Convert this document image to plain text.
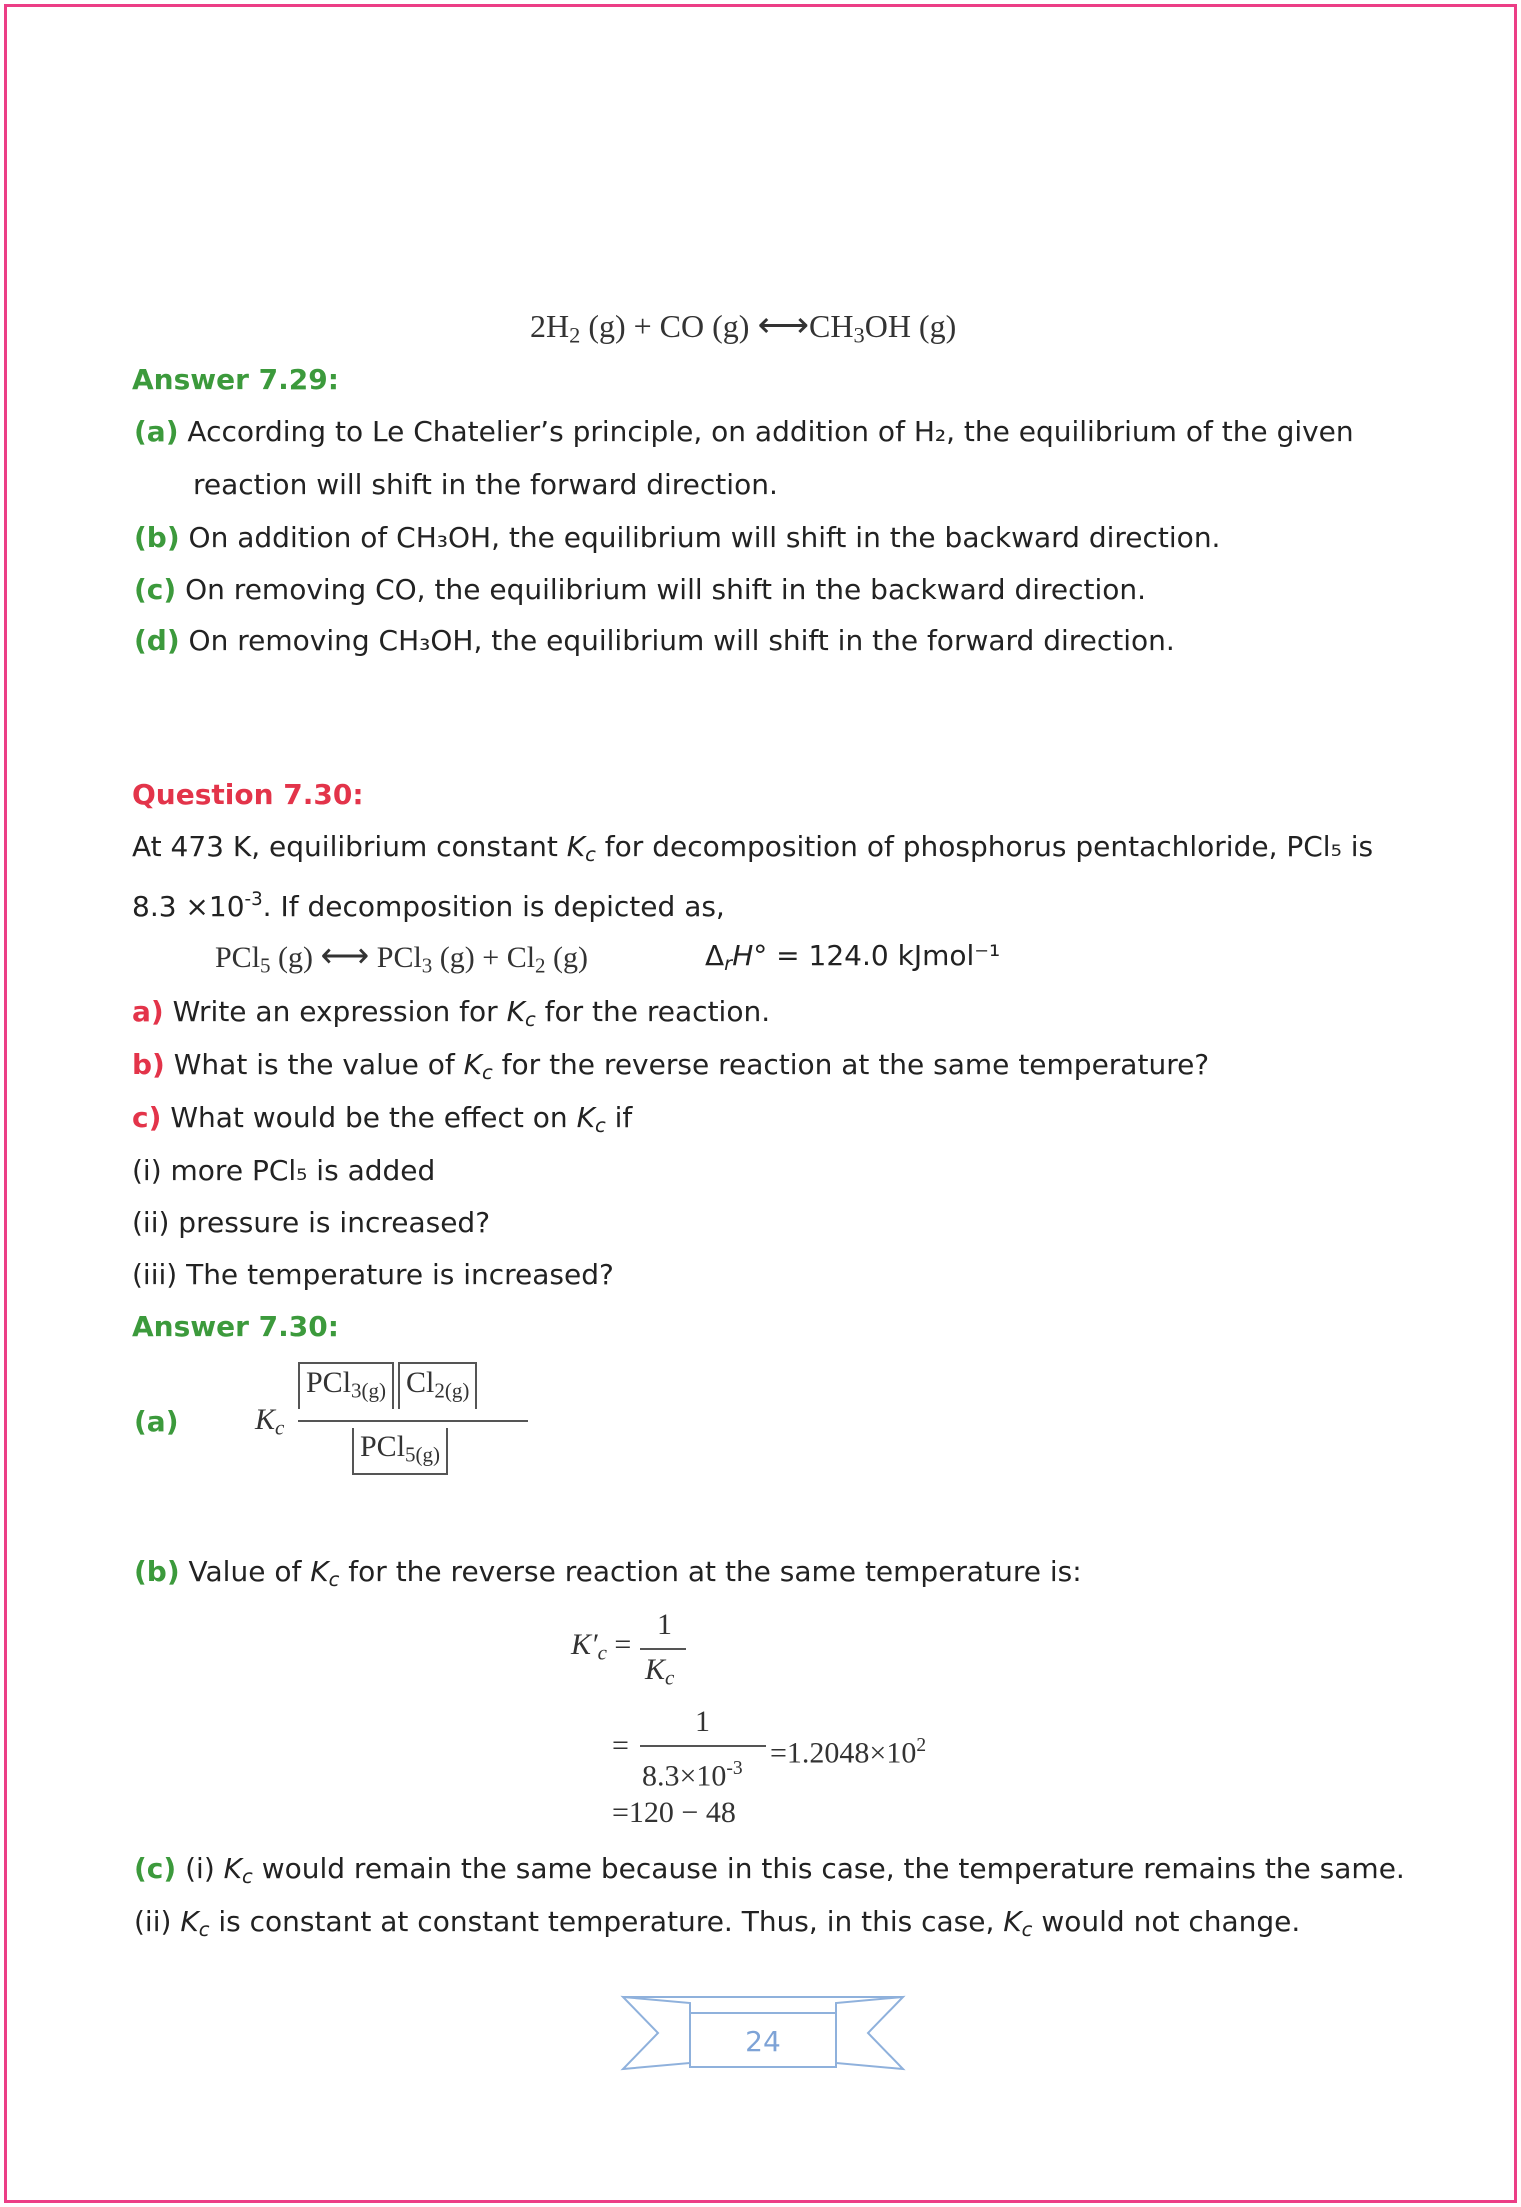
$2H_2$ (g) + CO (g) $⟷CH_3OH$ (g)
Answer 7.29:
(a) According to Le Chatelier’s principle, on addition of H₂, the equilibrium of the given
reaction will shift in the forward direction.
(b) On addition of CH₃OH, the equilibrium will shift in the backward direction.
(c) On removing CO, the equilibrium will shift in the backward direction.
(d) On removing CH₃OH, the equilibrium will shift in the forward direction.
Question 7.30:
At 473 K, equilibrium constant $K_c$ for decomposition of phosphorus pentachloride, PCl₅ is
$8.3 \times 10^{-3}$. If decomposition is depicted as,
PCl$_5$ (g) ⟷ PCl$_3$ $(g) + Cl_2$ (g)	$\Delta_rH^\circ = 124.0$ kJmol⁻¹
a) Write an expression for $K_c$ for the reaction.
b) What is the value of $K_c$ for the reverse reaction at the same temperature?
c) What would be the effect on $K_c$ if
(i) more PCl₅ is added
(ii) pressure is increased?
(iii) The temperature is increased?
Answer 7.30:
(a)	$K_c$
PCl$_{3(g)}$ $Cl_{2(g)}$
PCl$_{5(g)}$
(b) Value of $K_c$ for the reverse reaction at the same temperature is:
$K'_c$ =
1
$K_c$
=
1
$8.3\times 10^{-3} =1.2048\times 10^2$
=120 − 48
(c) (i) $K_c$ would remain the same because in this case, the temperature remains the same.
(ii) $K_c$ is constant at constant temperature. Thus, in this case, $K_c$ would not change.
24
